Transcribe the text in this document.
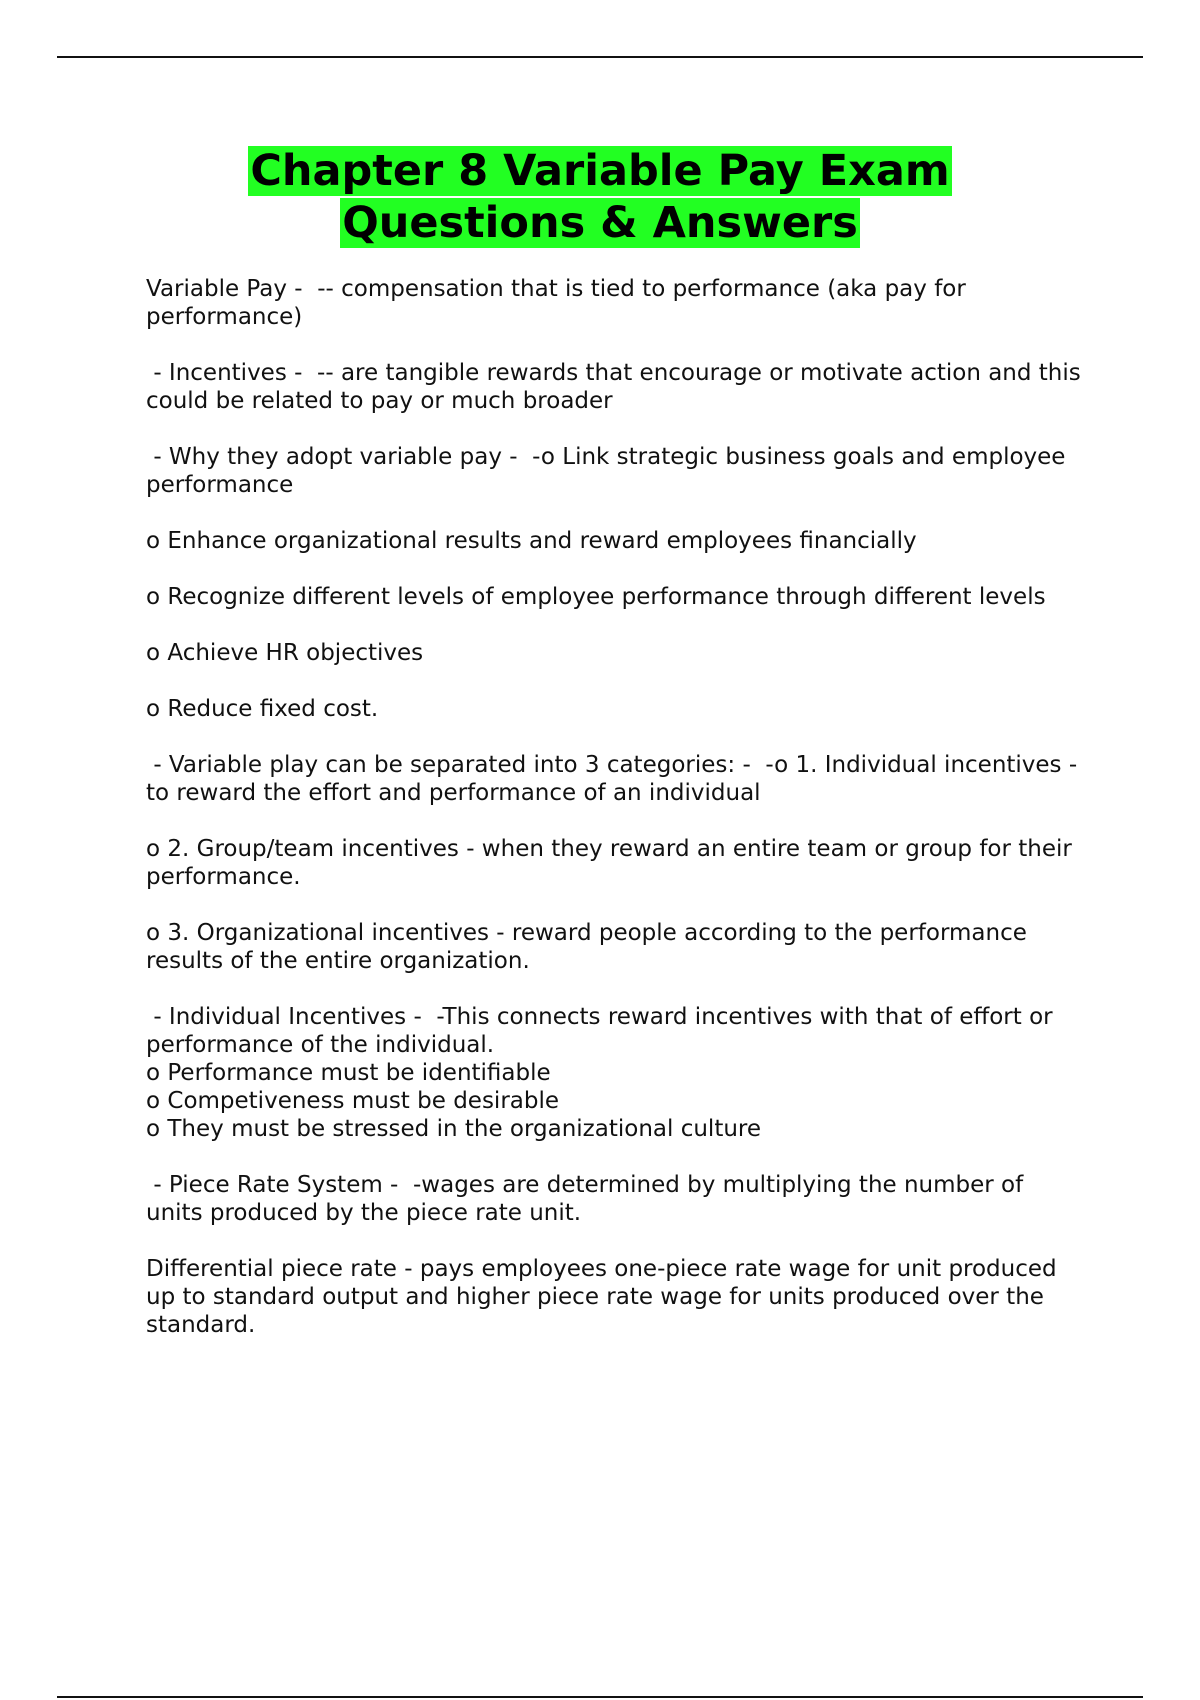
Chapter 8 Variable Pay Exam
Questions & Answers
Variable Pay -  -- compensation that is tied to performance (aka pay for performance)
- Incentives -  -- are tangible rewards that encourage or motivate action and this could be related to pay or much broader
- Why they adopt variable pay -  -o Link strategic business goals and employee performance
o Enhance organizational results and reward employees financially
o Recognize different levels of employee performance through different levels
o Achieve HR objectives
o Reduce fixed cost.
- Variable play can be separated into 3 categories: -  -o 1. Individual incentives - to reward the effort and performance of an individual
o 2. Group/team incentives - when they reward an entire team or group for their performance.
o 3. Organizational incentives - reward people according to the performance results of the entire organization.
- Individual Incentives -  -This connects reward incentives with that of effort or performance of the individual.
o Performance must be identifiable
o Competiveness must be desirable
o They must be stressed in the organizational culture
- Piece Rate System -  -wages are determined by multiplying the number of units produced by the piece rate unit.
Differential piece rate - pays employees one-piece rate wage for unit produced up to standard output and higher piece rate wage for units produced over the standard.
